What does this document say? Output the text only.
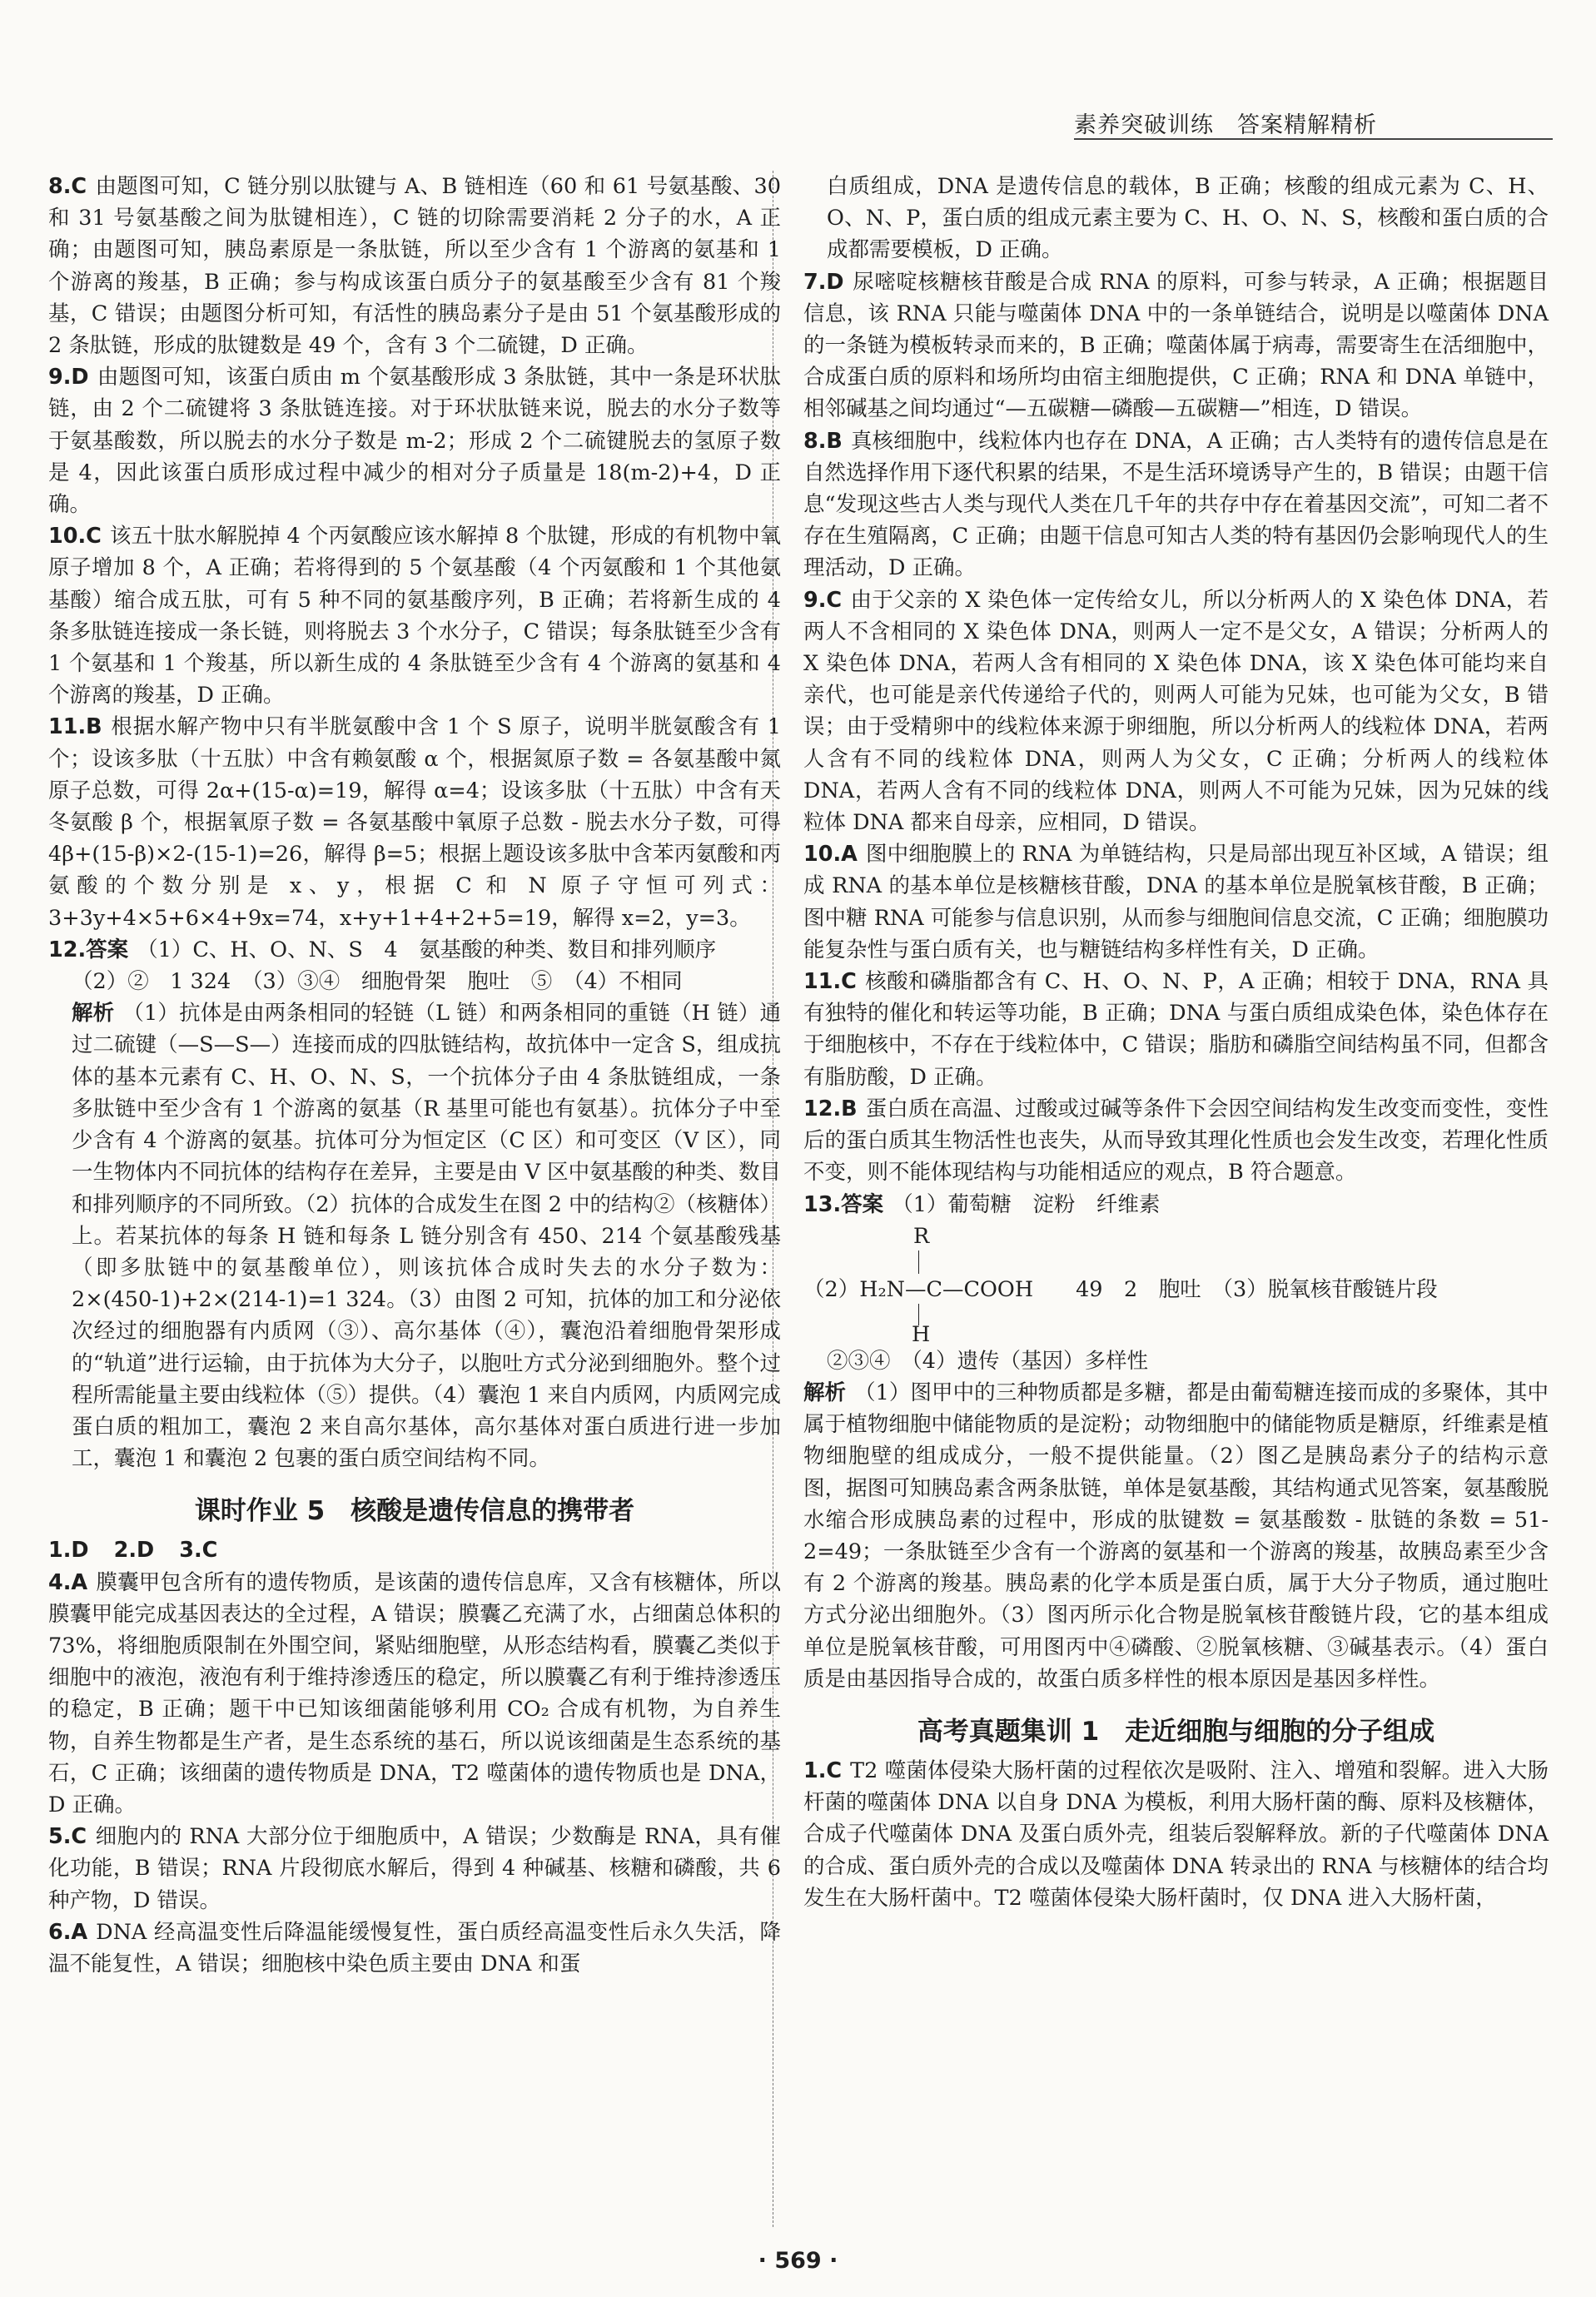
素养突破训练　答案精解精析
8.C 由题图可知，C 链分别以肽键与 A、B 链相连（60 和 61 号氨基酸、30 和 31 号氨基酸之间为肽键相连），C 链的切除需要消耗 2 分子的水，A 正确；由题图可知，胰岛素原是一条肽链，所以至少含有 1 个游离的氨基和 1 个游离的羧基，B 正确；参与构成该蛋白质分子的氨基酸至少含有 81 个羧基，C 错误；由题图分析可知，有活性的胰岛素分子是由 51 个氨基酸形成的 2 条肽链，形成的肽键数是 49 个，含有 3 个二硫键，D 正确。
9.D 由题图可知，该蛋白质由 m 个氨基酸形成 3 条肽链，其中一条是环状肽链，由 2 个二硫键将 3 条肽链连接。对于环状肽链来说，脱去的水分子数等于氨基酸数，所以脱去的水分子数是 m-2；形成 2 个二硫键脱去的氢原子数是 4，因此该蛋白质形成过程中减少的相对分子质量是 18(m-2)+4，D 正确。
10.C 该五十肽水解脱掉 4 个丙氨酸应该水解掉 8 个肽键，形成的有机物中氧原子增加 8 个，A 正确；若将得到的 5 个氨基酸（4 个丙氨酸和 1 个其他氨基酸）缩合成五肽，可有 5 种不同的氨基酸序列，B 正确；若将新生成的 4 条多肽链连接成一条长链，则将脱去 3 个水分子，C 错误；每条肽链至少含有 1 个氨基和 1 个羧基，所以新生成的 4 条肽链至少含有 4 个游离的氨基和 4 个游离的羧基，D 正确。
11.B 根据水解产物中只有半胱氨酸中含 1 个 S 原子，说明半胱氨酸含有 1 个；设该多肽（十五肽）中含有赖氨酸 α 个，根据氮原子数 = 各氨基酸中氮原子总数，可得 2α+(15-α)=19，解得 α=4；设该多肽（十五肽）中含有天冬氨酸 β 个，根据氧原子数 = 各氨基酸中氧原子总数 - 脱去水分子数，可得 4β+(15-β)×2-(15-1)=26，解得 β=5；根据上题设该多肽中含苯丙氨酸和丙氨酸的个数分别是 x、y，根据 C 和 N 原子守恒可列式：3+3y+4×5+6×4+9x=74，x+y+1+4+2+5=19，解得 x=2，y=3。
12.答案 （1）C、H、O、N、S　4　氨基酸的种类、数目和排列顺序
（2）②　1 324　（3）③④　细胞骨架　胞吐　⑤　（4）不相同
解析 （1）抗体是由两条相同的轻链（L 链）和两条相同的重链（H 链）通过二硫键（—S—S—）连接而成的四肽链结构，故抗体中一定含 S，组成抗体的基本元素有 C、H、O、N、S，一个抗体分子由 4 条肽链组成，一条多肽链中至少含有 1 个游离的氨基（R 基里可能也有氨基）。抗体分子中至少含有 4 个游离的氨基。抗体可分为恒定区（C 区）和可变区（V 区），同一生物体内不同抗体的结构存在差异，主要是由 V 区中氨基酸的种类、数目和排列顺序的不同所致。（2）抗体的合成发生在图 2 中的结构②（核糖体）上。若某抗体的每条 H 链和每条 L 链分别含有 450、214 个氨基酸残基（即多肽链中的氨基酸单位），则该抗体合成时失去的水分子数为：2×(450-1)+2×(214-1)=1 324。（3）由图 2 可知，抗体的加工和分泌依次经过的细胞器有内质网（③）、高尔基体（④），囊泡沿着细胞骨架形成的“轨道”进行运输，由于抗体为大分子，以胞吐方式分泌到细胞外。整个过程所需能量主要由线粒体（⑤）提供。（4）囊泡 1 来自内质网，内质网完成蛋白质的粗加工，囊泡 2 来自高尔基体，高尔基体对蛋白质进行进一步加工，囊泡 1 和囊泡 2 包裹的蛋白质空间结构不同。
课时作业 5　核酸是遗传信息的携带者
1.D 2.D 3.C
4.A 膜囊甲包含所有的遗传物质，是该菌的遗传信息库，又含有核糖体，所以膜囊甲能完成基因表达的全过程，A 错误；膜囊乙充满了水，占细菌总体积的 73%，将细胞质限制在外围空间，紧贴细胞壁，从形态结构看，膜囊乙类似于细胞中的液泡，液泡有利于维持渗透压的稳定，所以膜囊乙有利于维持渗透压的稳定，B 正确；题干中已知该细菌能够利用 CO₂ 合成有机物，为自养生物，自养生物都是生产者，是生态系统的基石，所以说该细菌是生态系统的基石，C 正确；该细菌的遗传物质是 DNA，T2 噬菌体的遗传物质也是 DNA，D 正确。
5.C 细胞内的 RNA 大部分位于细胞质中，A 错误；少数酶是 RNA，具有催化功能，B 错误；RNA 片段彻底水解后，得到 4 种碱基、核糖和磷酸，共 6 种产物，D 错误。
6.A DNA 经高温变性后降温能缓慢复性，蛋白质经高温变性后永久失活，降温不能复性，A 错误；细胞核中染色质主要由 DNA 和蛋
白质组成，DNA 是遗传信息的载体，B 正确；核酸的组成元素为 C、H、O、N、P，蛋白质的组成元素主要为 C、H、O、N、S，核酸和蛋白质的合成都需要模板，D 正确。
7.D 尿嘧啶核糖核苷酸是合成 RNA 的原料，可参与转录，A 正确；根据题目信息，该 RNA 只能与噬菌体 DNA 中的一条单链结合，说明是以噬菌体 DNA 的一条链为模板转录而来的，B 正确；噬菌体属于病毒，需要寄生在活细胞中，合成蛋白质的原料和场所均由宿主细胞提供，C 正确；RNA 和 DNA 单链中，相邻碱基之间均通过“—五碳糖—磷酸—五碳糖—”相连，D 错误。
8.B 真核细胞中，线粒体内也存在 DNA，A 正确；古人类特有的遗传信息是在自然选择作用下逐代积累的结果，不是生活环境诱导产生的，B 错误；由题干信息“发现这些古人类与现代人类在几千年的共存中存在着基因交流”，可知二者不存在生殖隔离，C 正确；由题干信息可知古人类的特有基因仍会影响现代人的生理活动，D 正确。
9.C 由于父亲的 X 染色体一定传给女儿，所以分析两人的 X 染色体 DNA，若两人不含相同的 X 染色体 DNA，则两人一定不是父女，A 错误；分析两人的 X 染色体 DNA，若两人含有相同的 X 染色体 DNA，该 X 染色体可能均来自亲代，也可能是亲代传递给子代的，则两人可能为兄妹，也可能为父女，B 错误；由于受精卵中的线粒体来源于卵细胞，所以分析两人的线粒体 DNA，若两人含有不同的线粒体 DNA，则两人为父女，C 正确；分析两人的线粒体 DNA，若两人含有不同的线粒体 DNA，则两人不可能为兄妹，因为兄妹的线粒体 DNA 都来自母亲，应相同，D 错误。
10.A 图中细胞膜上的 RNA 为单链结构，只是局部出现互补区域，A 错误；组成 RNA 的基本单位是核糖核苷酸，DNA 的基本单位是脱氧核苷酸，B 正确；图中糖 RNA 可能参与信息识别，从而参与细胞间信息交流，C 正确；细胞膜功能复杂性与蛋白质有关，也与糖链结构多样性有关，D 正确。
11.C 核酸和磷脂都含有 C、H、O、N、P，A 正确；相较于 DNA，RNA 具有独特的催化和转运等功能，B 正确；DNA 与蛋白质组成染色体，染色体存在于细胞核中，不存在于线粒体中，C 错误；脂肪和磷脂空间结构虽不同，但都含有脂肪酸，D 正确。
12.B 蛋白质在高温、过酸或过碱等条件下会因空间结构发生改变而变性，变性后的蛋白质其生物活性也丧失，从而导致其理化性质也会发生改变，若理化性质不变，则不能体现结构与功能相适应的观点，B 符合题意。
13.答案 （1）葡萄糖　淀粉　纤维素
R
（2）H₂N—C—COOH　　49　2　胞吐　（3）脱氧核苷酸链片段
H
②③④　（4）遗传（基因）多样性
解析 （1）图甲中的三种物质都是多糖，都是由葡萄糖连接而成的多聚体，其中属于植物细胞中储能物质的是淀粉；动物细胞中的储能物质是糖原，纤维素是植物细胞壁的组成成分，一般不提供能量。（2）图乙是胰岛素分子的结构示意图，据图可知胰岛素含两条肽链，单体是氨基酸，其结构通式见答案，氨基酸脱水缩合形成胰岛素的过程中，形成的肽键数 = 氨基酸数 - 肽链的条数 = 51-2=49；一条肽链至少含有一个游离的氨基和一个游离的羧基，故胰岛素至少含有 2 个游离的羧基。胰岛素的化学本质是蛋白质，属于大分子物质，通过胞吐方式分泌出细胞外。（3）图丙所示化合物是脱氧核苷酸链片段，它的基本组成单位是脱氧核苷酸，可用图丙中④磷酸、②脱氧核糖、③碱基表示。（4）蛋白质是由基因指导合成的，故蛋白质多样性的根本原因是基因多样性。
高考真题集训 1　走近细胞与细胞的分子组成
1.C T2 噬菌体侵染大肠杆菌的过程依次是吸附、注入、增殖和裂解。进入大肠杆菌的噬菌体 DNA 以自身 DNA 为模板，利用大肠杆菌的酶、原料及核糖体，合成子代噬菌体 DNA 及蛋白质外壳，组装后裂解释放。新的子代噬菌体 DNA 的合成、蛋白质外壳的合成以及噬菌体 DNA 转录出的 RNA 与核糖体的结合均发生在大肠杆菌中。T2 噬菌体侵染大肠杆菌时，仅 DNA 进入大肠杆菌，
· 569 ·
